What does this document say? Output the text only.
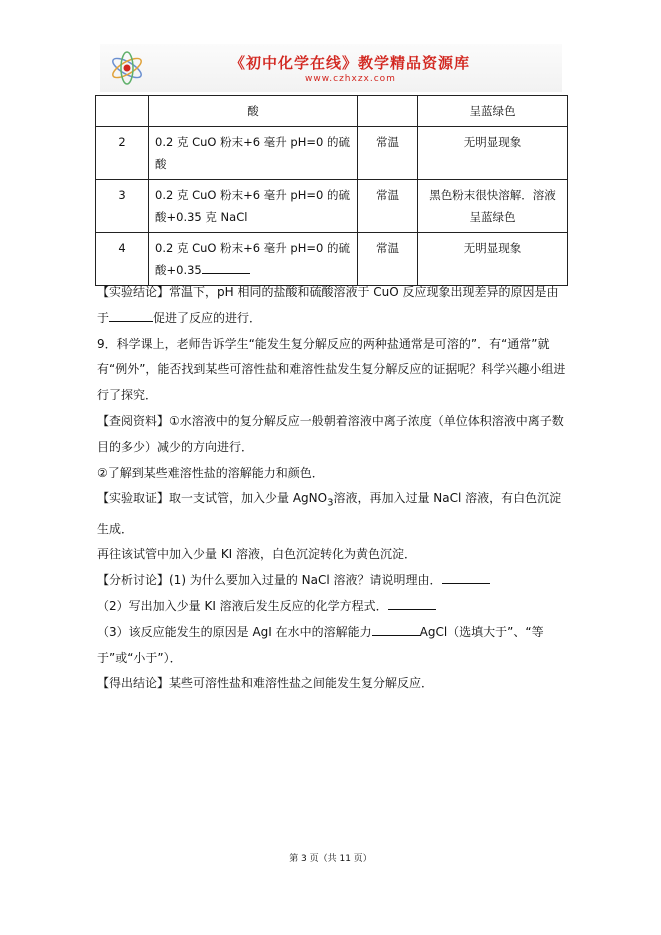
《初中化学在线》教学精品资源库
www.czhxzx.com
	酸		呈蓝绿色
2	0.2 克 CuO 粉末+6 毫升 pH=0 的硫酸	常温	无明显现象
3	0.2 克 CuO 粉末+6 毫升 pH=0 的硫酸+0.35 克 NaCl	常温	黑色粉末很快溶解．溶液呈蓝绿色
4	0.2 克 CuO 粉末+6 毫升 pH=0 的硫酸+0.35	常温	无明显现象

【实验结论】常温下，pH 相同的盐酸和硫酸溶液于 CuO 反应现象出现差异的原因是由于	促进了反应的进行．

9．科学课上，老师告诉学生“能发生复分解反应的两种盐通常是可溶的”．有“通常”就有“例外”，能否找到某些可溶性盐和难溶性盐发生复分解反应的证据呢？科学兴趣小组进行了探究．

【查阅资料】①水溶液中的复分解反应一般朝着溶液中离子浓度（单位体积溶液中离子数目的多少）减少的方向进行．

②了解到某些难溶性盐的溶解能力和颜色．

【实验取证】取一支试管，加入少量 AgNO$_3$溶液，再加入过量 NaCl 溶液，有白色沉淀生成．

再往该试管中加入少量 KI 溶液，白色沉淀转化为黄色沉淀．

【分析讨论】(1) 为什么要加入过量的 NaCl 溶液？请说明理由．

（2）写出加入少量 KI 溶液后发生反应的化学方程式．

（3）该反应能发生的原因是 AgI 在水中的溶解能力	AgCl（选填大于”、“等于”或“小于”）．

【得出结论】某些可溶性盐和难溶性盐之间能发生复分解反应．

第 3 页（共 11 页）
